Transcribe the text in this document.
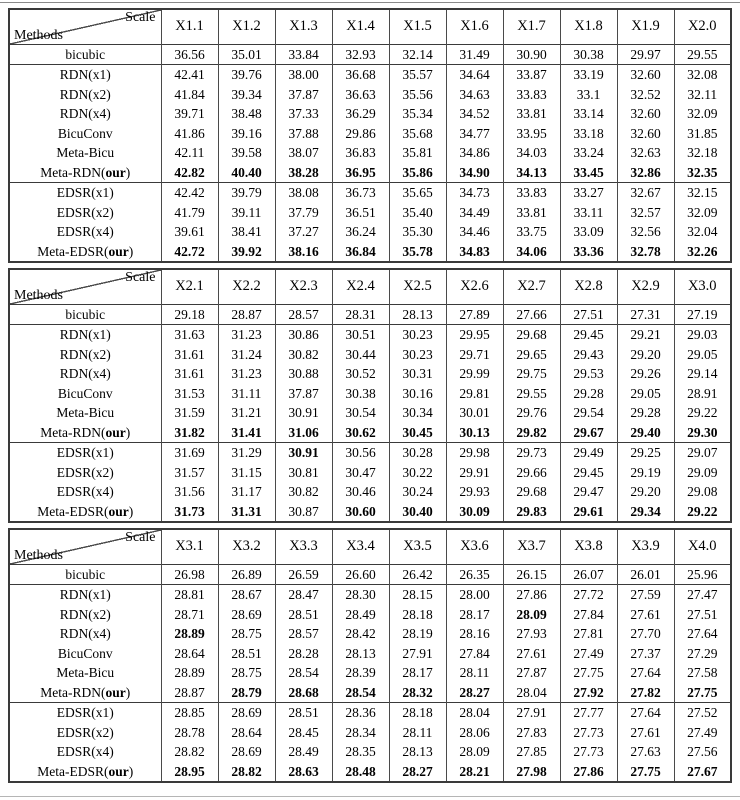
Scale
Methods	X1.1	X1.2	X1.3	X1.4	X1.5	X1.6	X1.7	X1.8	X1.9	X2.0
bicubic	36.56	35.01	33.84	32.93	32.14	31.49	30.90	30.38	29.97	29.55
RDN(x1)	42.41	39.76	38.00	36.68	35.57	34.64	33.87	33.19	32.60	32.08
RDN(x2)	41.84	39.34	37.87	36.63	35.56	34.63	33.83	33.1	32.52	32.11
RDN(x4)	39.71	38.48	37.33	36.29	35.34	34.52	33.81	33.14	32.60	32.09
BicuConv	41.86	39.16	37.88	29.86	35.68	34.77	33.95	33.18	32.60	31.85
Meta-Bicu	42.11	39.58	38.07	36.83	35.81	34.86	34.03	33.24	32.63	32.18
Meta-RDN(our)	42.82	40.40	38.28	36.95	35.86	34.90	34.13	33.45	32.86	32.35
EDSR(x1)	42.42	39.79	38.08	36.73	35.65	34.73	33.83	33.27	32.67	32.15
EDSR(x2)	41.79	39.11	37.79	36.51	35.40	34.49	33.81	33.11	32.57	32.09
EDSR(x4)	39.61	38.41	37.27	36.24	35.30	34.46	33.75	33.09	32.56	32.04
Meta-EDSR(our)	42.72	39.92	38.16	36.84	35.78	34.83	34.06	33.36	32.78	32.26
Scale
Methods	X2.1	X2.2	X2.3	X2.4	X2.5	X2.6	X2.7	X2.8	X2.9	X3.0
bicubic	29.18	28.87	28.57	28.31	28.13	27.89	27.66	27.51	27.31	27.19
RDN(x1)	31.63	31.23	30.86	30.51	30.23	29.95	29.68	29.45	29.21	29.03
RDN(x2)	31.61	31.24	30.82	30.44	30.23	29.71	29.65	29.43	29.20	29.05
RDN(x4)	31.61	31.23	30.88	30.52	30.31	29.99	29.75	29.53	29.26	29.14
BicuConv	31.53	31.11	37.87	30.38	30.16	29.81	29.55	29.28	29.05	28.91
Meta-Bicu	31.59	31.21	30.91	30.54	30.34	30.01	29.76	29.54	29.28	29.22
Meta-RDN(our)	31.82	31.41	31.06	30.62	30.45	30.13	29.82	29.67	29.40	29.30
EDSR(x1)	31.69	31.29	30.91	30.56	30.28	29.98	29.73	29.49	29.25	29.07
EDSR(x2)	31.57	31.15	30.81	30.47	30.22	29.91	29.66	29.45	29.19	29.09
EDSR(x4)	31.56	31.17	30.82	30.46	30.24	29.93	29.68	29.47	29.20	29.08
Meta-EDSR(our)	31.73	31.31	30.87	30.60	30.40	30.09	29.83	29.61	29.34	29.22
Scale
Methods	X3.1	X3.2	X3.3	X3.4	X3.5	X3.6	X3.7	X3.8	X3.9	X4.0
bicubic	26.98	26.89	26.59	26.60	26.42	26.35	26.15	26.07	26.01	25.96
RDN(x1)	28.81	28.67	28.47	28.30	28.15	28.00	27.86	27.72	27.59	27.47
RDN(x2)	28.71	28.69	28.51	28.49	28.18	28.17	28.09	27.84	27.61	27.51
RDN(x4)	28.89	28.75	28.57	28.42	28.19	28.16	27.93	27.81	27.70	27.64
BicuConv	28.64	28.51	28.28	28.13	27.91	27.84	27.61	27.49	27.37	27.29
Meta-Bicu	28.89	28.75	28.54	28.39	28.17	28.11	27.87	27.75	27.64	27.58
Meta-RDN(our)	28.87	28.79	28.68	28.54	28.32	28.27	28.04	27.92	27.82	27.75
EDSR(x1)	28.85	28.69	28.51	28.36	28.18	28.04	27.91	27.77	27.64	27.52
EDSR(x2)	28.78	28.64	28.45	28.34	28.11	28.06	27.83	27.73	27.61	27.49
EDSR(x4)	28.82	28.69	28.49	28.35	28.13	28.09	27.85	27.73	27.63	27.56
Meta-EDSR(our)	28.95	28.82	28.63	28.48	28.27	28.21	27.98	27.86	27.75	27.67
